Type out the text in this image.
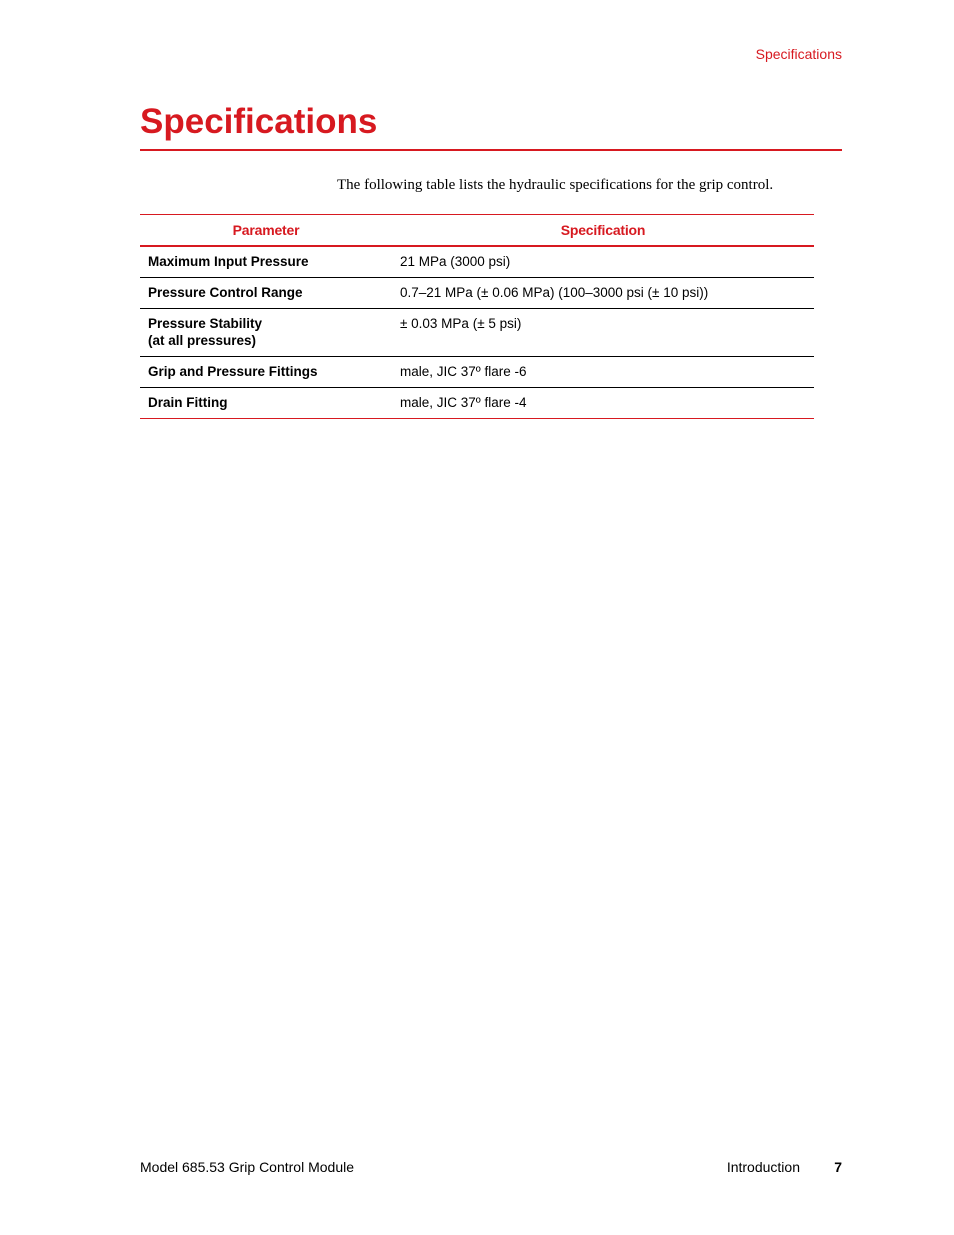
Specifications
Specifications

The following table lists the hydraulic specifications for the grip control.

Parameter	Specification
Maximum Input Pressure	21 MPa (3000 psi)
Pressure Control Range	0.7–21 MPa (± 0.06 MPa) (100–3000 psi (± 10 psi))
Pressure Stability
(at all pressures)	± 0.03 MPa (± 5 psi)
Grip and Pressure Fittings	male, JIC 37º flare -6
Drain Fitting	male, JIC 37º flare -4
Model 685.53 Grip Control Module	Introduction 7
